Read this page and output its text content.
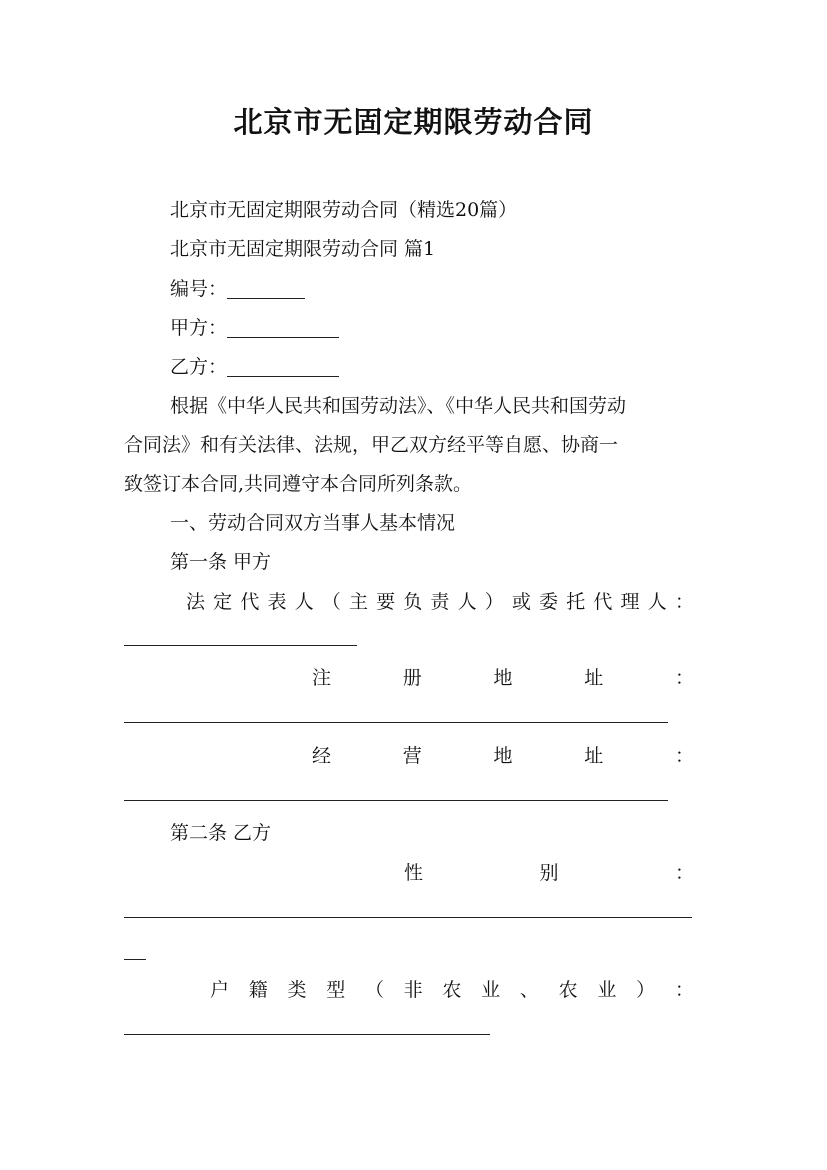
北京市无固定期限劳动合同
北京市无固定期限劳动合同（精选20篇）
北京市无固定期限劳动合同 篇1
编号：
甲方：
乙方：
根据《中华人民共和国劳动法》、《中华人民共和国劳动
合同法》和有关法律、法规，甲乙双方经平等自愿、协商一
致签订本合同,共同遵守本合同所列条款。
一、劳动合同双方当事人基本情况
第一条 甲方
法 定 代 表 人 （ 主 要 负 责 人 ） 或 委 托 代 理 人 ：
注	册	地	址	：
经	营	地	址	：
第二条 乙方
性	别	：
户 籍 类 型 （ 非 农 业 、 农 业 ） ：
